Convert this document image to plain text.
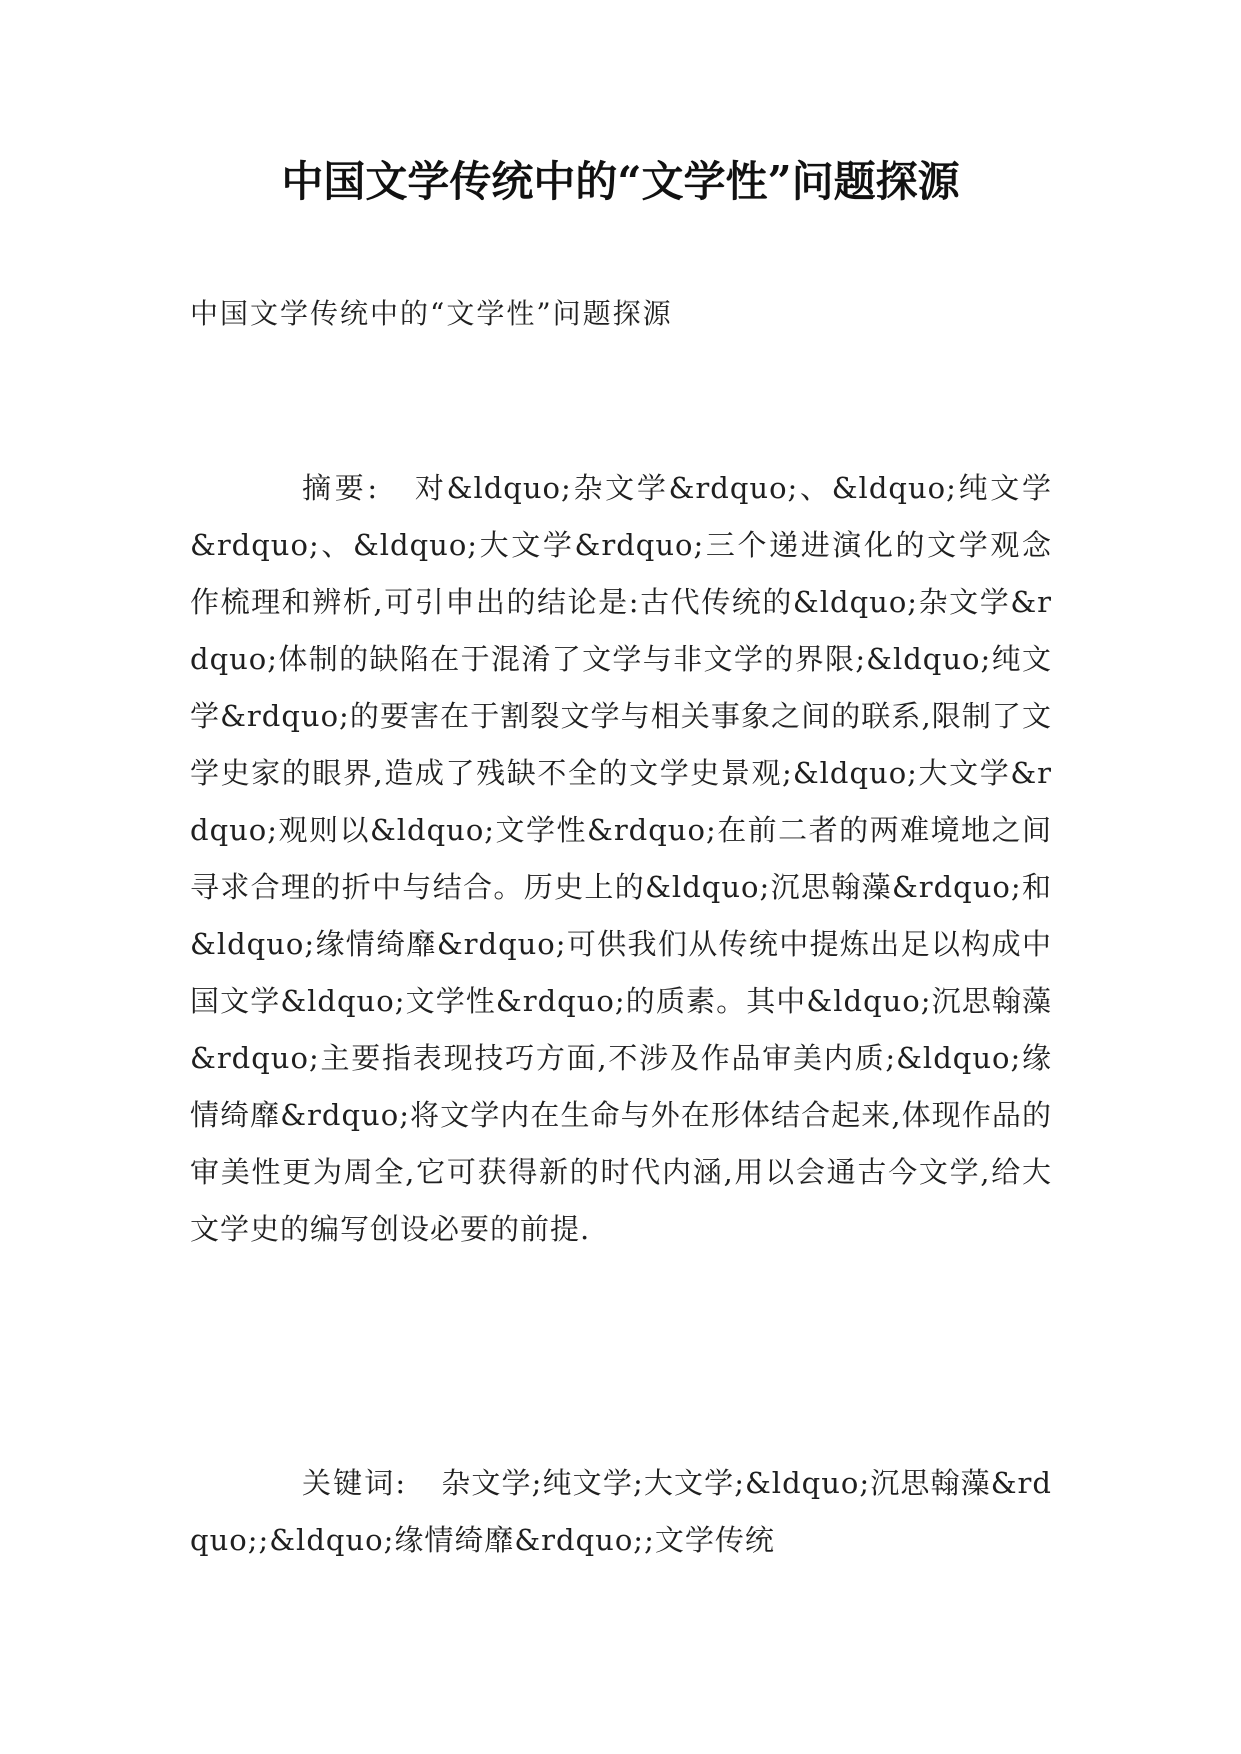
中国文学传统中的“文学性”问题探源

中国文学传统中的“文学性”问题探源

摘要: 对&ldquo;杂文学&rdquo;、&ldquo;纯文学&rdquo;、&ldquo;大文学&rdquo;三个递进演化的文学观念作梳理和辨析,可引申出的结论是:古代传统的&ldquo;杂文学&rdquo;体制的缺陷在于混淆了文学与非文学的界限;&ldquo;纯文学&rdquo;的要害在于割裂文学与相关事象之间的联系,限制了文学史家的眼界,造成了残缺不全的文学史景观;&ldquo;大文学&rdquo;观则以&ldquo;文学性&rdquo;在前二者的两难境地之间寻求合理的折中与结合。历史上的&ldquo;沉思翰藻&rdquo;和&ldquo;缘情绮靡&rdquo;可供我们从传统中提炼出足以构成中国文学&ldquo;文学性&rdquo;的质素。其中&ldquo;沉思翰藻&rdquo;主要指表现技巧方面,不涉及作品审美内质;&ldquo;缘情绮靡&rdquo;将文学内在生命与外在形体结合起来,体现作品的审美性更为周全,它可获得新的时代内涵,用以会通古今文学,给大文学史的编写创设必要的前提.

关键词: 杂文学;纯文学;大文学;&ldquo;沉思翰藻&rdquo;;&ldquo;缘情绮靡&rdquo;;文学传统
